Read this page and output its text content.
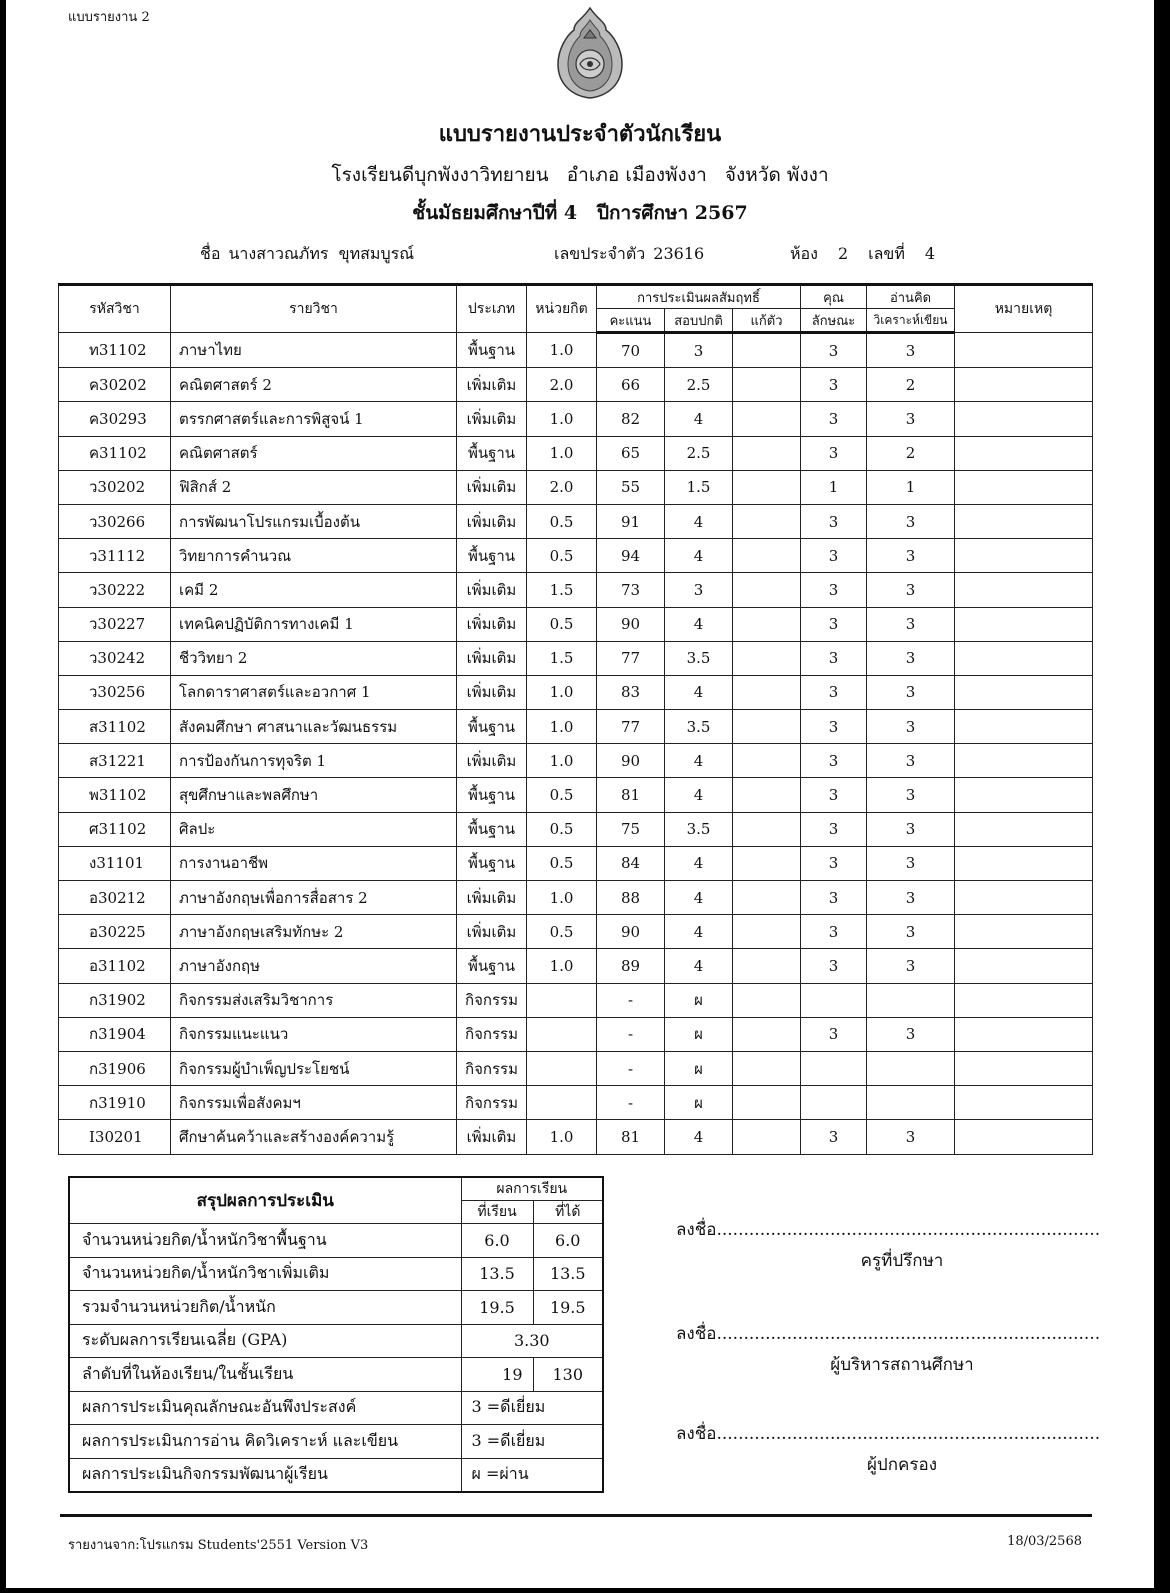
แบบรายงาน 2
แบบรายงานประจำตัวนักเรียน
โรงเรียนดีบุกพังงาวิทยายน   อำเภอ เมืองพังงา   จังหวัด พังงา
ชั้นมัธยมศึกษาปีที่ 4   ปีการศึกษา 2567
ชื่อ นางสาวณภัทร  ขุทสมบูรณ์	เลขประจำตัว 23616	ห้อง 2 เลขที่ 4
รหัสวิชา	รายวิชา	ประเภท	หน่วยกิต	การประเมินผลสัมฤทธิ์			คุณ	อ่านคิด	หมายเหตุ
				คะแนน	สอบปกติ	แก้ตัว	ลักษณะ	วิเคราะห์เขียน	
ท31102	ภาษาไทย	พื้นฐาน	1.0	70	3		3	3	
ค30202	คณิตศาสตร์ 2	เพิ่มเติม	2.0	66	2.5		3	2	
ค30293	ตรรกศาสตร์และการพิสูจน์ 1	เพิ่มเติม	1.0	82	4		3	3	
ค31102	คณิตศาสตร์	พื้นฐาน	1.0	65	2.5		3	2	
ว30202	ฟิสิกส์ 2	เพิ่มเติม	2.0	55	1.5		1	1	
ว30266	การพัฒนาโปรแกรมเบื้องต้น	เพิ่มเติม	0.5	91	4		3	3	
ว31112	วิทยาการคำนวณ	พื้นฐาน	0.5	94	4		3	3	
ว30222	เคมี 2	เพิ่มเติม	1.5	73	3		3	3	
ว30227	เทคนิคปฏิบัติการทางเคมี 1	เพิ่มเติม	0.5	90	4		3	3	
ว30242	ชีววิทยา 2	เพิ่มเติม	1.5	77	3.5		3	3	
ว30256	โลกดาราศาสตร์และอวกาศ 1	เพิ่มเติม	1.0	83	4		3	3	
ส31102	สังคมศึกษา ศาสนาและวัฒนธรรม	พื้นฐาน	1.0	77	3.5		3	3	
ส31221	การป้องกันการทุจริต 1	เพิ่มเติม	1.0	90	4		3	3	
พ31102	สุขศึกษาและพลศึกษา	พื้นฐาน	0.5	81	4		3	3	
ศ31102	ศิลปะ	พื้นฐาน	0.5	75	3.5		3	3	
ง31101	การงานอาชีพ	พื้นฐาน	0.5	84	4		3	3	
อ30212	ภาษาอังกฤษเพื่อการสื่อสาร 2	เพิ่มเติม	1.0	88	4		3	3	
อ30225	ภาษาอังกฤษเสริมทักษะ 2	เพิ่มเติม	0.5	90	4		3	3	
อ31102	ภาษาอังกฤษ	พื้นฐาน	1.0	89	4		3	3	
ก31902	กิจกรรมส่งเสริมวิชาการ	กิจกรรม		-	ผ				
ก31904	กิจกรรมแนะแนว	กิจกรรม		-	ผ		3	3	
ก31906	กิจกรรมผู้บำเพ็ญประโยชน์	กิจกรรม		-	ผ				
ก31910	กิจกรรมเพื่อสังคมฯ	กิจกรรม		-	ผ				
I30201	ศึกษาค้นคว้าและสร้างองค์ความรู้	เพิ่มเติม	1.0	81	4		3	3	
สรุปผลการประเมิน	ผลการเรียน	
	ที่เรียน	ที่ได้
จำนวนหน่วยกิต/น้ำหนักวิชาพื้นฐาน	6.0	6.0
จำนวนหน่วยกิต/น้ำหนักวิชาเพิ่มเติม	13.5	13.5
รวมจำนวนหน่วยกิต/น้ำหนัก	19.5	19.5
ระดับผลการเรียนเฉลี่ย (GPA)	3.30	
ลำดับที่ในห้องเรียน/ในชั้นเรียน	19	130
ผลการประเมินคุณลักษณะอันพึงประสงค์	3 =ดีเยี่ยม	
ผลการประเมินการอ่าน คิดวิเคราะห์ และเขียน	3 =ดีเยี่ยม	
ผลการประเมินกิจกรรมพัฒนาผู้เรียน	ผ =ผ่าน	
ลงชื่อ.......................................................................
ครูที่ปรึกษา
ลงชื่อ.......................................................................
ผู้บริหารสถานศึกษา
ลงชื่อ.......................................................................
ผู้ปกครอง
รายงานจาก:โปรแกรม Students'2551 Version V3	18/03/2568
